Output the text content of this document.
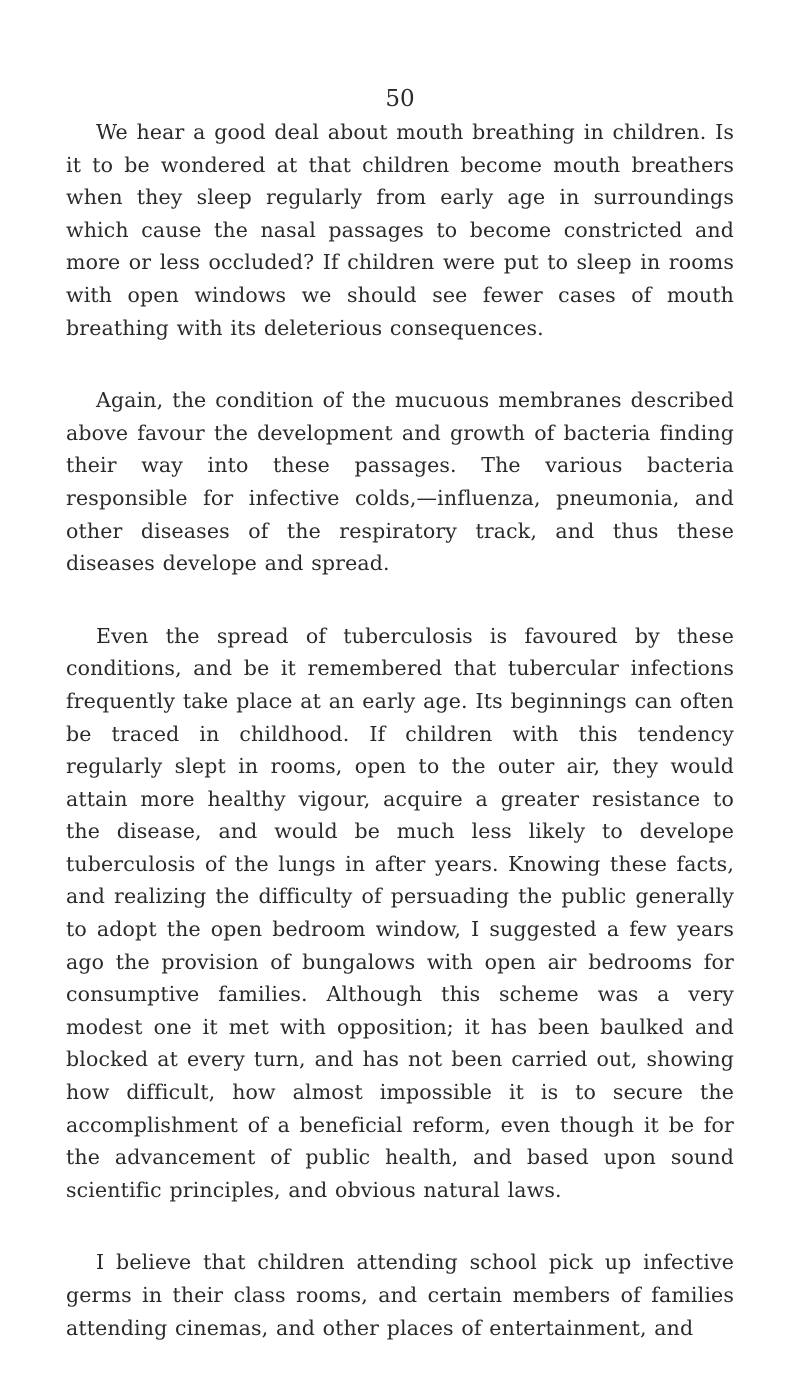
50

We hear a good deal about mouth breathing in children. Is it to be wondered at that children become mouth breathers when they sleep regularly from early age in surroundings which cause the nasal passages to become constricted and more or less occluded? If children were put to sleep in rooms with open windows we should see fewer cases of mouth breathing with its deleterious consequences.

Again, the condition of the mucuous membranes described above favour the development and growth of bacteria finding their way into these passages. The various bacteria responsible for infective colds,—influenza, pneumonia, and other diseases of the respiratory track, and thus these diseases develope and spread.

Even the spread of tuberculosis is favoured by these conditions, and be it remembered that tubercular infections frequently take place at an early age. Its beginnings can often be traced in childhood. If children with this tendency regularly slept in rooms, open to the outer air, they would attain more healthy vigour, acquire a greater resistance to the disease, and would be much less likely to develope tuberculosis of the lungs in after years. Knowing these facts, and realizing the difficulty of persuading the public generally to adopt the open bedroom window, I suggested a few years ago the provision of bungalows with open air bedrooms for consumptive families. Although this scheme was a very modest one it met with opposition; it has been baulked and blocked at every turn, and has not been carried out, showing how difficult, how almost impossible it is to secure the accomplishment of a beneficial reform, even though it be for the advancement of public health, and based upon sound scientific principles, and obvious natural laws.

I believe that children attending school pick up infective germs in their class rooms, and certain members of families attending cinemas, and other places of entertainment, and
